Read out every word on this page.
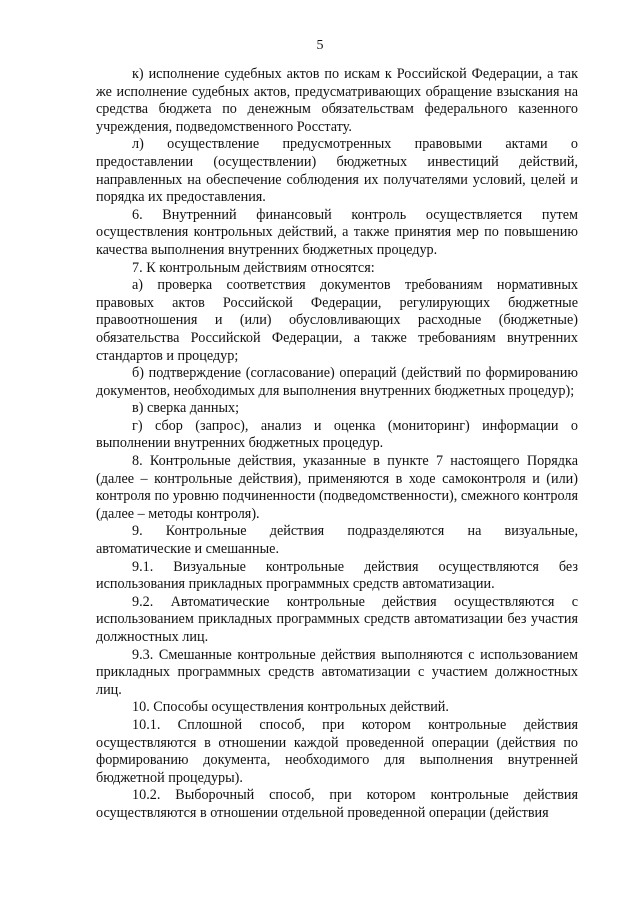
5

к) исполнение судебных актов по искам к Российской Федерации, а так же исполнение судебных актов, предусматривающих обращение взыскания на средства бюджета по денежным обязательствам федерального казенного учреждения, подведомственного Росстату.

л) осуществление предусмотренных правовыми актами о предоставлении (осуществлении) бюджетных инвестиций действий, направленных на обеспечение соблюдения их получателями условий, целей и порядка их предоставления.

6. Внутренний финансовый контроль осуществляется путем осуществления контрольных действий, а также принятия мер по повышению качества выполнения внутренних бюджетных процедур.

7. К контрольным действиям относятся:

а) проверка соответствия документов требованиям нормативных правовых актов Российской Федерации, регулирующих бюджетные правоотношения и (или) обусловливающих расходные (бюджетные) обязательства Российской Федерации, а также требованиям внутренних стандартов и процедур;

б) подтверждение (согласование) операций (действий по формированию документов, необходимых для выполнения внутренних бюджетных процедур);

в) сверка данных;

г) сбор (запрос), анализ и оценка (мониторинг) информации о выполнении внутренних бюджетных процедур.

8. Контрольные действия, указанные в пункте 7 настоящего Порядка (далее – контрольные действия), применяются в ходе самоконтроля и (или) контроля по уровню подчиненности (подведомственности), смежного контроля (далее – методы контроля).

9. Контрольные действия подразделяются на визуальные, автоматические и смешанные.

9.1. Визуальные контрольные действия осуществляются без использования прикладных программных средств автоматизации.

9.2. Автоматические контрольные действия осуществляются с использованием прикладных программных средств автоматизации без участия должностных лиц.

9.3. Смешанные контрольные действия выполняются с использованием прикладных программных средств автоматизации с участием должностных лиц.

10. Способы осуществления контрольных действий.

10.1. Сплошной способ, при котором контрольные действия осуществляются в отношении каждой проведенной операции (действия по формированию документа, необходимого для выполнения внутренней бюджетной процедуры).

10.2. Выборочный способ, при котором контрольные действия осуществляются в отношении отдельной проведенной операции (действия
